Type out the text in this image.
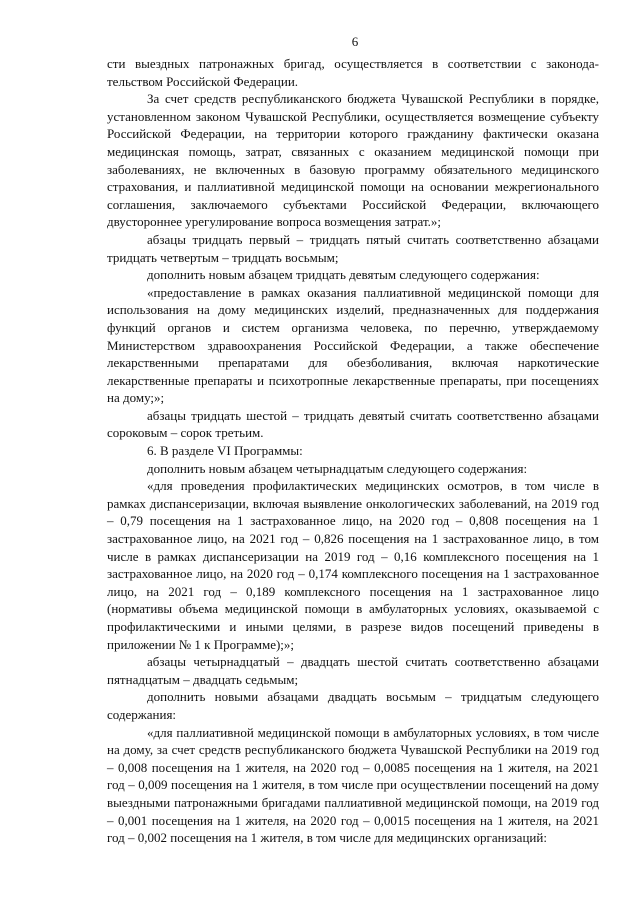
6

сти выездных патронажных бригад, осуществляется в соответствии с законодательством Российской Федерации.

За счет средств республиканского бюджета Чувашской Республики в порядке, установленном законом Чувашской Республики, осуществляется возмещение субъекту Российской Федерации, на территории которого гражданину фактически оказана медицинская помощь, затрат, связанных с оказанием медицинской помощи при заболеваниях, не включенных в базовую программу обязательного медицинского страхования, и паллиативной медицинской помощи на основании межрегионального соглашения, заключаемого субъектами Российской Федерации, включающего двустороннее урегулирование вопроса возмещения затрат.»;

абзацы тридцать первый – тридцать пятый считать соответственно абзацами тридцать четвертым – тридцать восьмым;

дополнить новым абзацем тридцать девятым следующего содержания:

«предоставление в рамках оказания паллиативной медицинской помощи для использования на дому медицинских изделий, предназначенных для поддержания функций органов и систем организма человека, по перечню, утверждаемому Министерством здравоохранения Российской Федерации, а также обеспечение лекарственными препаратами для обезболивания, включая наркотические лекарственные препараты и психотропные лекарственные препараты, при посещениях на дому;»;

абзацы тридцать шестой – тридцать девятый считать соответственно абзацами сороковым – сорок третьим.

6. В разделе VI Программы:

дополнить новым абзацем четырнадцатым следующего содержания:

«для проведения профилактических медицинских осмотров, в том числе в рамках диспансеризации, включая выявление онкологических заболеваний, на 2019 год – 0,79 посещения на 1 застрахованное лицо, на 2020 год – 0,808 посещения на 1 застрахованное лицо, на 2021 год – 0,826 посещения на 1 застрахованное лицо, в том числе в рамках диспансеризации на 2019 год – 0,16 комплексного посещения на 1 застрахованное лицо, на 2020 год – 0,174 комплексного посещения на 1 застрахованное лицо, на 2021 год – 0,189 комплексного посещения на 1 застрахованное лицо (нормативы объема медицинской помощи в амбулаторных условиях, оказываемой с профилактическими и иными целями, в разрезе видов посещений приведены в приложении № 1 к Программе);»;

абзацы четырнадцатый – двадцать шестой считать соответственно абзацами пятнадцатым – двадцать седьмым;

дополнить новыми абзацами двадцать восьмым – тридцатым следующего содержания:

«для паллиативной медицинской помощи в амбулаторных условиях, в том числе на дому, за счет средств республиканского бюджета Чувашской Республики на 2019 год – 0,008 посещения на 1 жителя, на 2020 год – 0,0085 посещения на 1 жителя, на 2021 год – 0,009 посещения на 1 жителя, в том числе при осуществлении посещений на дому выездными патронажными бригадами паллиативной медицинской помощи, на 2019 год – 0,001 посещения на 1 жителя, на 2020 год – 0,0015 посещения на 1 жителя, на 2021 год – 0,002 посещения на 1 жителя, в том числе для медицинских организаций:
